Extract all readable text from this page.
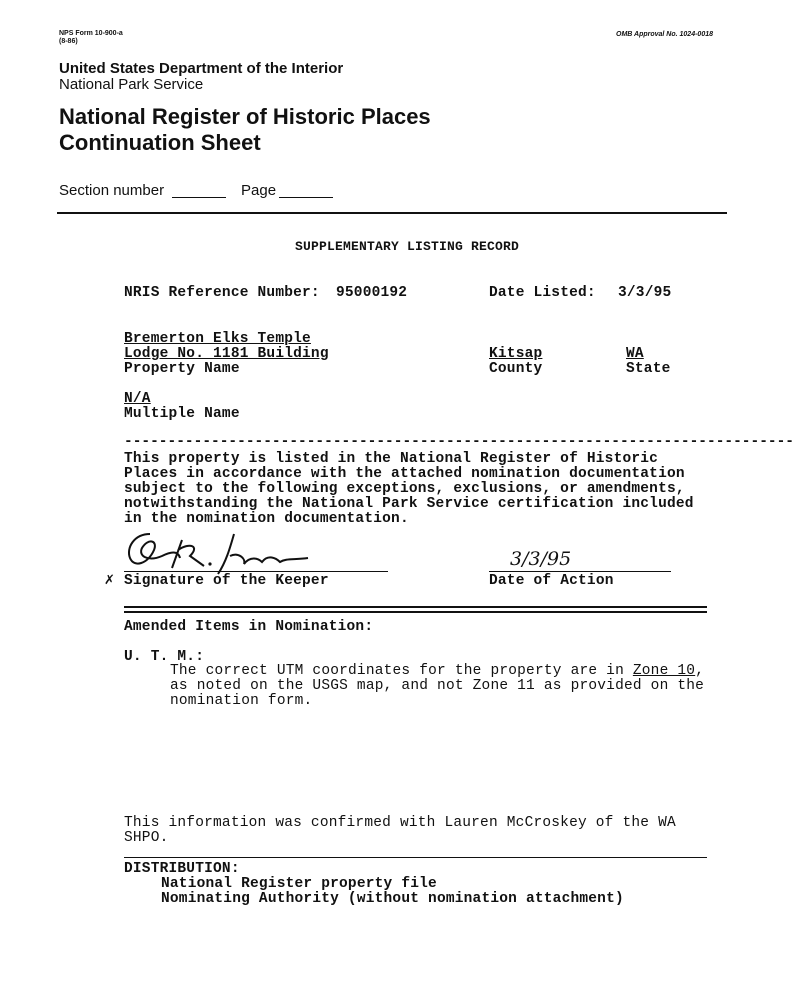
NPS Form 10-900-a
(8-86)
OMB Approval No. 1024-0018
United States Department of the Interior
National Park Service
National Register of Historic Places
Continuation Sheet
Section number	Page
SUPPLEMENTARY LISTING RECORD
NRIS Reference Number: 95000192	Date Listed: 3/3/95
Bremerton Elks Temple
Lodge No. 1181 Building
Property Name
Kitsap
County
WA
State
N/A
Multiple Name
-----------------------------------------------------------------------------
This property is listed in the National Register of Historic
Places in accordance with the attached nomination documentation
subject to the following exceptions, exclusions, or amendments,
notwithstanding the National Park Service certification included
in the nomination documentation.
✗ Signature of the Keeper
3/3/95
Date of Action
Amended Items in Nomination:
U. T. M.:
The correct UTM coordinates for the property are in Zone 10,
as noted on the USGS map, and not Zone 11 as provided on the
nomination form.
This information was confirmed with Lauren McCroskey of the WA
SHPO.
DISTRIBUTION:
National Register property file
Nominating Authority (without nomination attachment)
